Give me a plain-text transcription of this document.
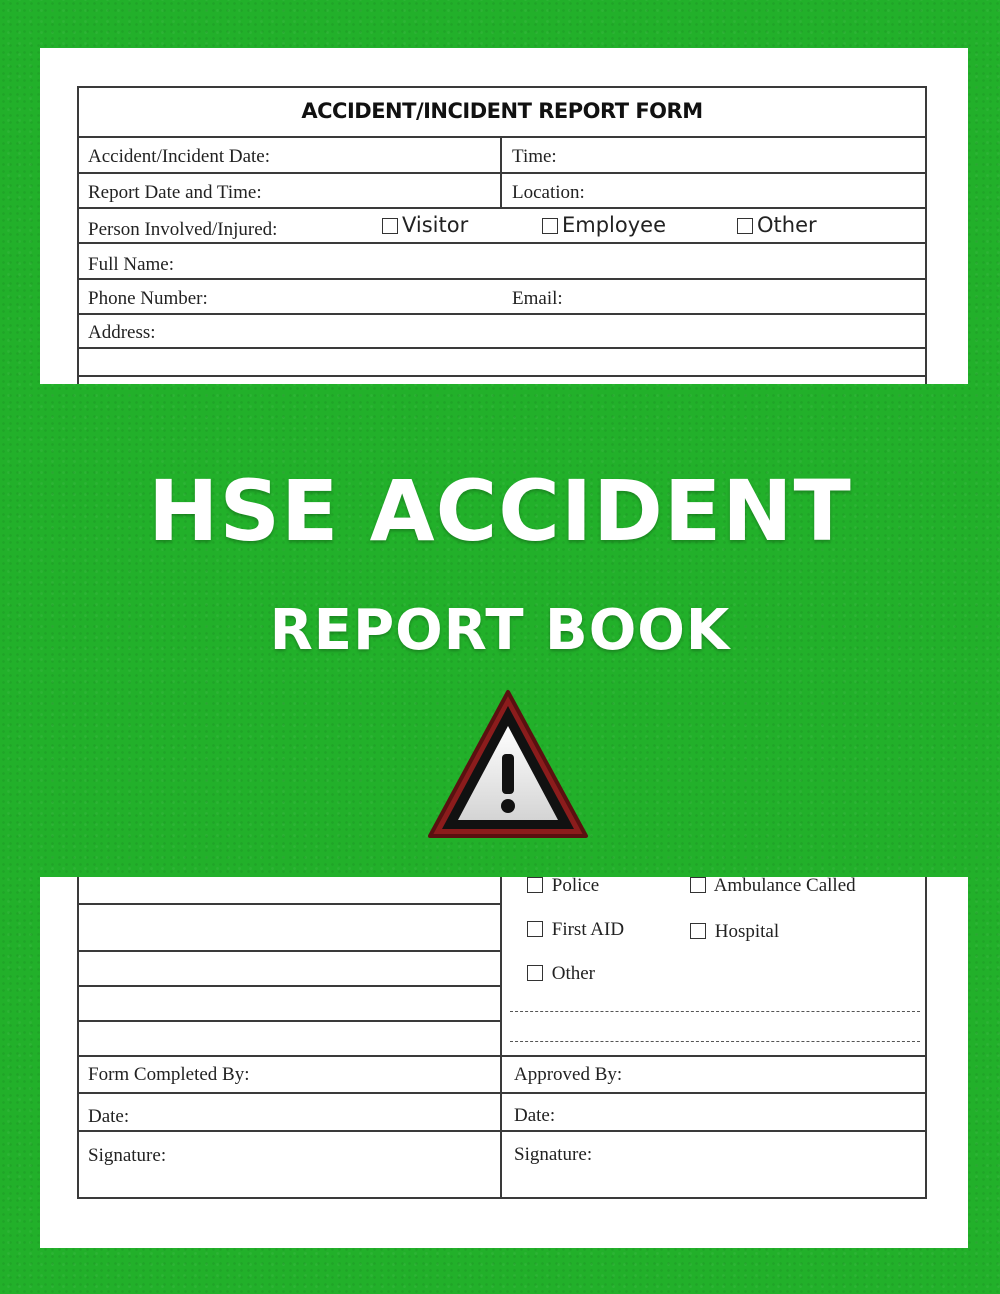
ACCIDENT/INCIDENT REPORT FORM
Accident/Incident Date:	Time:
Report Date and Time:	Location:
Person Involved/Injured:	Visitor	Employee	Other
Full Name:
Phone Number:	Email:
Address:
HSE ACCIDENT
REPORT BOOK
Police	Ambulance Called
First AID	Hospital
Other
Form Completed By:	Approved By:
Date:	Date:
Signature:	Signature:
